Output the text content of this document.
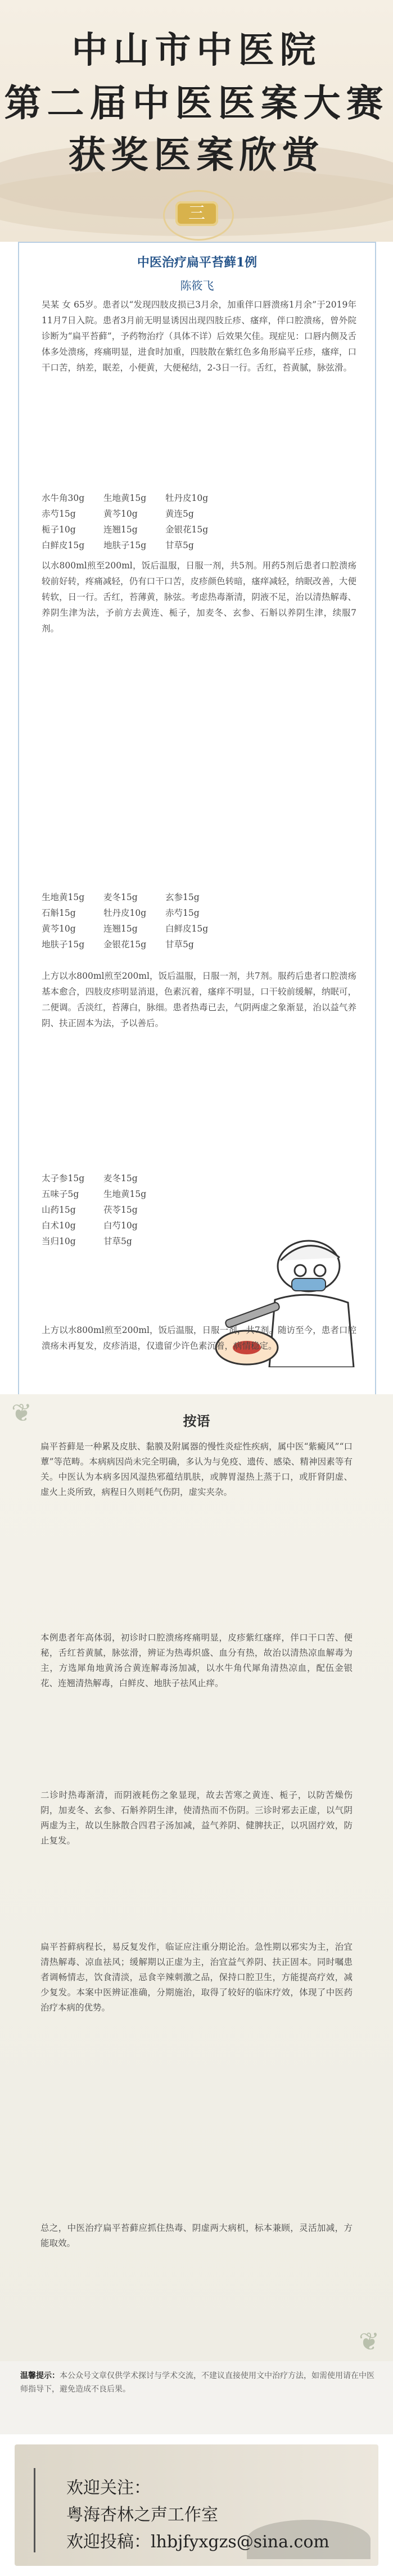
中山市中医院
第二届中医医案大赛
获奖医案欣赏
三
中医治疗扁平苔藓1例
陈筱飞

吴某 女 65岁。患者以“发现四肢皮损已3月余，加重伴口唇溃疡1月余”于2019年11月7日入院。患者3月前无明显诱因出现四肢丘疹、瘙痒，伴口腔溃疡，曾外院诊断为“扁平苔藓”，予药物治疗（具体不详）后效果欠佳。现症见：口唇内侧及舌体多处溃疡，疼痛明显，进食时加重，四肢散在紫红色多角形扁平丘疹，瘙痒，口干口苦，纳差，眠差，小便黄，大便秘结，2-3日一行。舌红，苔黄腻，脉弦滑。

水牛角30g 生地黄15g 牡丹皮10g
赤芍15g	黄芩10g	黄连5g
栀子10g	连翘15g	金银花15g
白鲜皮15g 地肤子15g 甘草5g

以水800ml煎至200ml，饭后温服，日服一剂，共5剂。用药5剂后患者口腔溃疡较前好转，疼痛减轻，仍有口干口苦，皮疹颜色转暗，瘙痒减轻，纳眠改善，大便转软，日一行。舌红，苔薄黄，脉弦。考虑热毒渐清，阴液不足，治以清热解毒、养阴生津为法，予前方去黄连、栀子，加麦冬、玄参、石斛以养阴生津，续服7剂。

生地黄15g 麦冬15g	玄参15g
石斛15g	牡丹皮10g 赤芍15g
黄芩10g	连翘15g	白鲜皮15g
地肤子15g 金银花15g 甘草5g

上方以水800ml煎至200ml，饭后温服，日服一剂，共7剂。服药后患者口腔溃疡基本愈合，四肢皮疹明显消退，色素沉着，瘙痒不明显，口干较前缓解，纳眠可，二便调。舌淡红，苔薄白，脉细。患者热毒已去，气阴两虚之象渐显，治以益气养阴、扶正固本为法，予以善后。

太子参15g 麦冬15g
五味子5g	生地黄15g
山药15g	茯苓15g
白术10g	白芍10g
当归10g	甘草5g

上方以水800ml煎至200ml，饭后温服，日服一剂，共7剂。随访至今，患者口腔溃疡未再复发，皮疹消退，仅遗留少许色素沉着，病情稳定。

❦
❦
按语

扁平苔藓是一种累及皮肤、黏膜及附属器的慢性炎症性疾病，属中医“紫癜风”“口蕈”等范畴。本病病因尚未完全明确，多认为与免疫、遗传、感染、精神因素等有关。中医认为本病多因风湿热邪蕴结肌肤，或脾胃湿热上蒸于口，或肝肾阴虚、虚火上炎所致，病程日久则耗气伤阴，虚实夹杂。

本例患者年高体弱，初诊时口腔溃疡疼痛明显，皮疹紫红瘙痒，伴口干口苦、便秘，舌红苔黄腻，脉弦滑，辨证为热毒炽盛、血分有热，故治以清热凉血解毒为主，方选犀角地黄汤合黄连解毒汤加减，以水牛角代犀角清热凉血，配伍金银花、连翘清热解毒，白鲜皮、地肤子祛风止痒。

二诊时热毒渐清，而阴液耗伤之象显现，故去苦寒之黄连、栀子，以防苦燥伤阴，加麦冬、玄参、石斛养阴生津，使清热而不伤阴。三诊时邪去正虚，以气阴两虚为主，故以生脉散合四君子汤加减，益气养阴、健脾扶正，以巩固疗效，防止复发。

扁平苔藓病程长，易反复发作，临证应注重分期论治。急性期以邪实为主，治宜清热解毒、凉血祛风；缓解期以正虚为主，治宜益气养阴、扶正固本。同时嘱患者调畅情志，饮食清淡，忌食辛辣刺激之品，保持口腔卫生，方能提高疗效，减少复发。本案中医辨证准确，分期施治，取得了较好的临床疗效，体现了中医药治疗本病的优势。

总之，中医治疗扁平苔藓应抓住热毒、阴虚两大病机，标本兼顾，灵活加减，方能取效。

温馨提示：本公众号文章仅供学术探讨与学术交流，不建议直接使用文中治疗方法，如需使用请在中医师指导下，避免造成不良后果。

欢迎关注：
粤海杏林之声工作室
欢迎投稿：lhbjfyxgzs@sina.com
